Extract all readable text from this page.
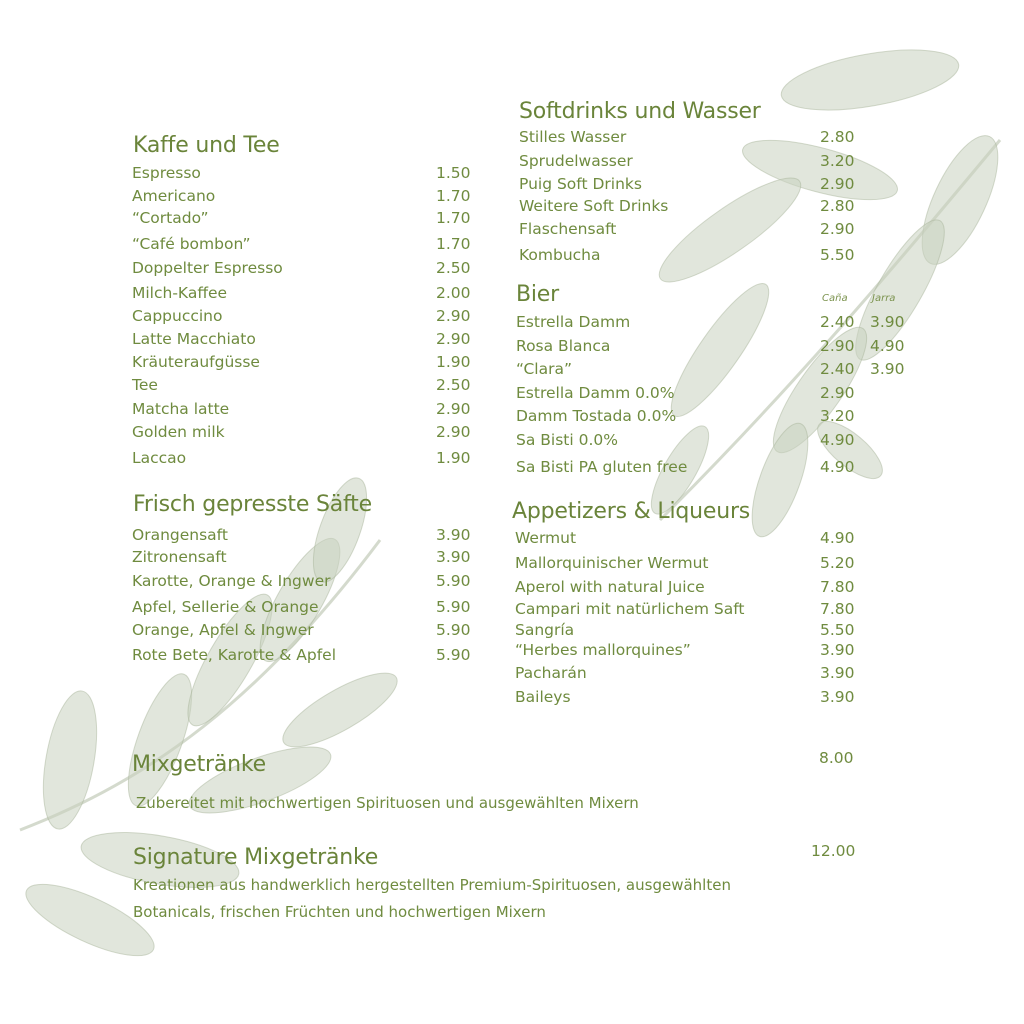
Kaffe und Tee
Espresso	1.50
Americano	1.70
“Cortado”	1.70
“Café bombon”	1.70
Doppelter Espresso	2.50
Milch-Kaffee	2.00
Cappuccino	2.90
Latte Macchiato	2.90
Kräuteraufgüsse	1.90
Tee	2.50
Matcha latte	2.90
Golden milk	2.90
Laccao	1.90
Frisch gepresste Säfte
Orangensaft	3.90
Zitronensaft	3.90
Karotte, Orange & Ingwer	5.90
Apfel, Sellerie & Orange	5.90
Orange, Apfel & Ingwer	5.90
Rote Bete, Karotte & Apfel	5.90
Softdrinks und Wasser
Stilles Wasser	2.80
Sprudelwasser	3.20
Puig Soft Drinks	2.90
Weitere Soft Drinks	2.80
Flaschensaft	2.90
Kombucha	5.50
Bier	Caña Jarra
Estrella Damm	2.40 3.90
Rosa Blanca	2.90 4.90
“Clara”	2.40 3.90
Estrella Damm 0.0%	2.90
Damm Tostada 0.0%	3.20
Sa Bisti 0.0%	4.90
Sa Bisti PA gluten free	4.90
Appetizers & Liqueurs
Wermut	4.90
Mallorquinischer Wermut	5.20
Aperol with natural Juice	7.80
Campari mit natürlichem Saft	7.80
Sangría	5.50
“Herbes mallorquines”	3.90
Pacharán	3.90
Baileys	3.90
Mixgetränke	8.00
Zubereitet mit hochwertigen Spirituosen und ausgewählten Mixern
Signature Mixgetränke	12.00
Kreationen aus handwerklich hergestellten Premium-Spirituosen, ausgewählten
Botanicals, frischen Früchten und hochwertigen Mixern
